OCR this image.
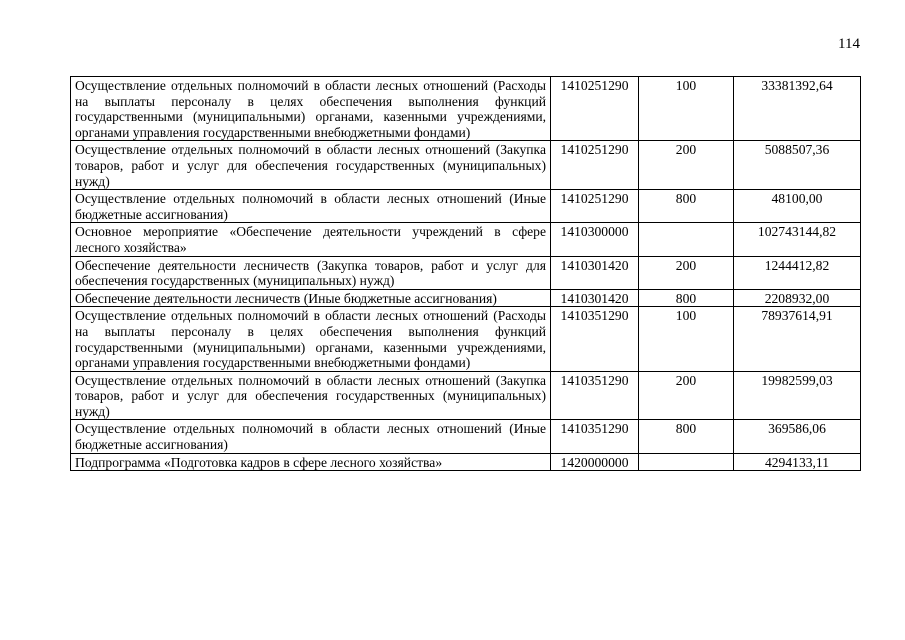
114
Осуществление отдельных полномочий в области лесных отношений (Расходы на выплаты персоналу в целях обеспечения выполнения функций государственными (муниципальными) органами, казенными учреждениями, органами управления государственными внебюджетными фондами)	1410251290	100	33381392,64
Осуществление отдельных полномочий в области лесных отношений (Закупка товаров, работ и услуг для обеспечения государственных (муниципальных) нужд)	1410251290	200	5088507,36
Осуществление отдельных полномочий в области лесных отношений (Иные бюджетные ассигнования)	1410251290	800	48100,00
Основное мероприятие «Обеспечение деятельности учреждений в сфере лесного хозяйства»	1410300000		102743144,82
Обеспечение деятельности лесничеств (Закупка товаров, работ и услуг для обеспечения государственных (муниципальных) нужд)	1410301420	200	1244412,82
Обеспечение деятельности лесничеств (Иные бюджетные ассигнования)	1410301420	800	2208932,00
Осуществление отдельных полномочий в области лесных отношений (Расходы на выплаты персоналу в целях обеспечения выполнения функций государственными (муниципальными) органами, казенными учреждениями, органами управления государственными внебюджетными фондами)	1410351290	100	78937614,91
Осуществление отдельных полномочий в области лесных отношений (Закупка товаров, работ и услуг для обеспечения государственных (муниципальных) нужд)	1410351290	200	19982599,03
Осуществление отдельных полномочий в области лесных отношений (Иные бюджетные ассигнования)	1410351290	800	369586,06
Подпрограмма «Подготовка кадров в сфере лесного хозяйства»	1420000000		4294133,11
